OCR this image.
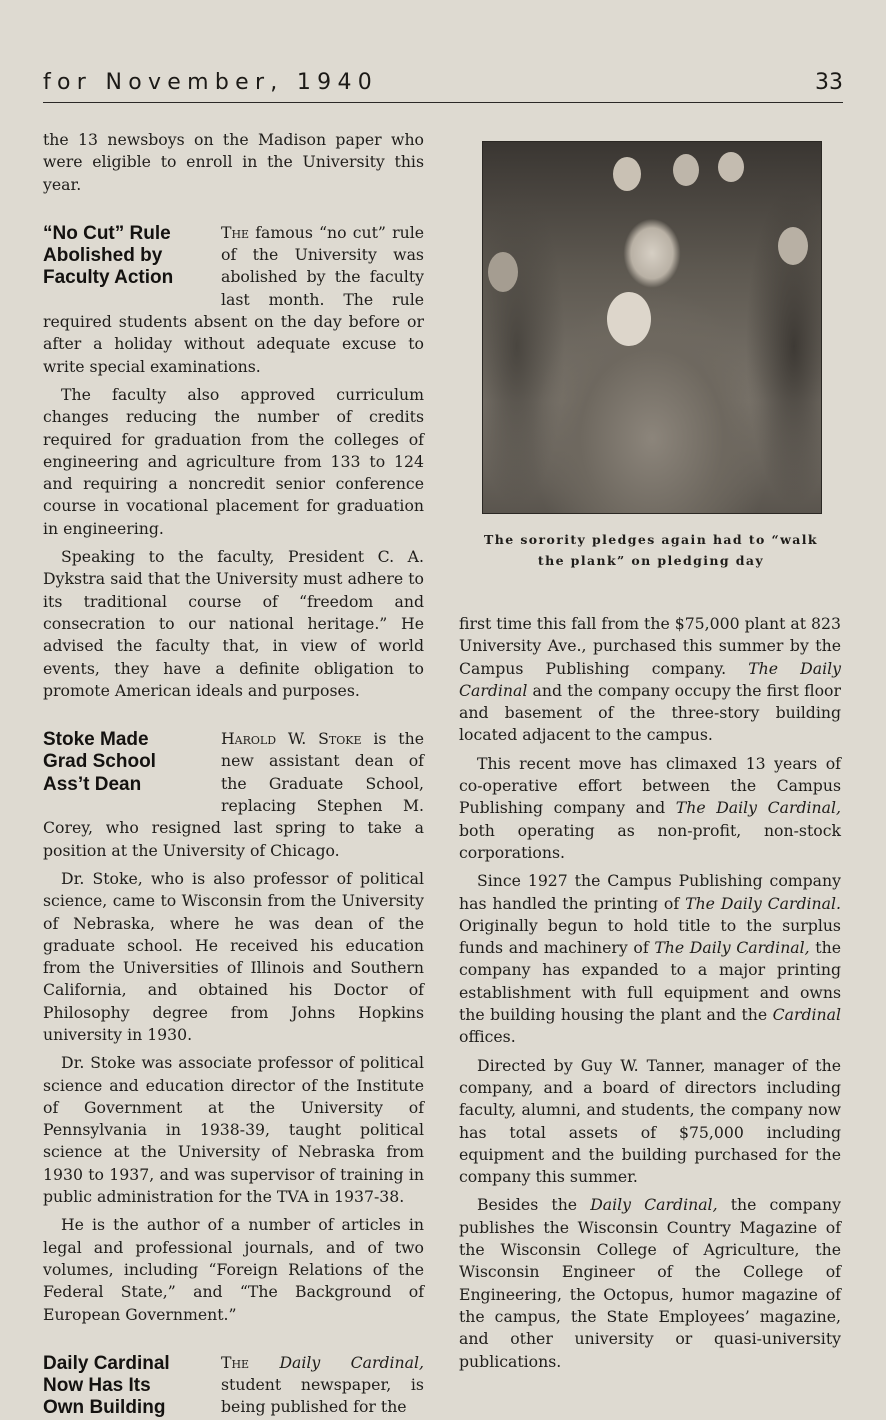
for November, 1940	33

the 13 newsboys on the Madison paper who were eligible to enroll in the University this year.

“No Cut” Rule
Abolished by
Faculty Action

The famous “no cut” rule of the University was abolished by the faculty last month. The rule required students absent on the day before or after a holiday without adequate excuse to write special examinations.

The faculty also approved curriculum changes reducing the number of credits required for graduation from the colleges of engineering and agriculture from 133 to 124 and requiring a noncredit senior conference course in vocational placement for graduation in engineering.

Speaking to the faculty, President C. A. Dykstra said that the University must adhere to its traditional course of “freedom and consecration to our national heritage.” He advised the faculty that, in view of world events, they have a definite obligation to promote American ideals and purposes.

Stoke Made
Grad School
Ass’t Dean

Harold W. Stoke is the new assistant dean of the Graduate School, replacing Stephen M. Corey, who resigned last spring to take a position at the University of Chicago.

Dr. Stoke, who is also professor of political science, came to Wisconsin from the University of Nebraska, where he was dean of the graduate school. He received his education from the Universities of Illinois and Southern California, and obtained his Doctor of Philosophy degree from Johns Hopkins university in 1930.

Dr. Stoke was associate professor of political science and education director of the Institute of Government at the University of Pennsylvania in 1938-39, taught political science at the University of Nebraska from 1930 to 1937, and was supervisor of training in public administration for the TVA in 1937-38.

He is the author of a number of articles in legal and professional journals, and of two volumes, including “Foreign Relations of the Federal State,” and “The Background of European Government.”

Daily Cardinal
Now Has Its
Own Building

The Daily Cardinal, student newspaper, is being published for the

The sorority pledges again had to “walk the plank” on pledging day

first time this fall from the $75,000 plant at 823 University Ave., purchased this summer by the Campus Publishing company. The Daily Cardinal and the company occupy the first floor and basement of the three-story building located adjacent to the campus.

This recent move has climaxed 13 years of co-operative effort between the Campus Publishing company and The Daily Cardinal, both operating as non-profit, non-stock corporations.

Since 1927 the Campus Publishing company has handled the printing of The Daily Cardinal. Originally begun to hold title to the surplus funds and machinery of The Daily Cardinal, the company has expanded to a major printing establishment with full equipment and owns the building housing the plant and the Cardinal offices.

Directed by Guy W. Tanner, manager of the company, and a board of directors including faculty, alumni, and students, the company now has total assets of $75,000 including equipment and the building purchased for the company this summer.

Besides the Daily Cardinal, the company publishes the Wisconsin Country Magazine of the Wisconsin College of Agriculture, the Wisconsin Engineer of the College of Engineering, the Octopus, humor magazine of the campus, the State Employees’ magazine, and other university or quasi-university publications.
